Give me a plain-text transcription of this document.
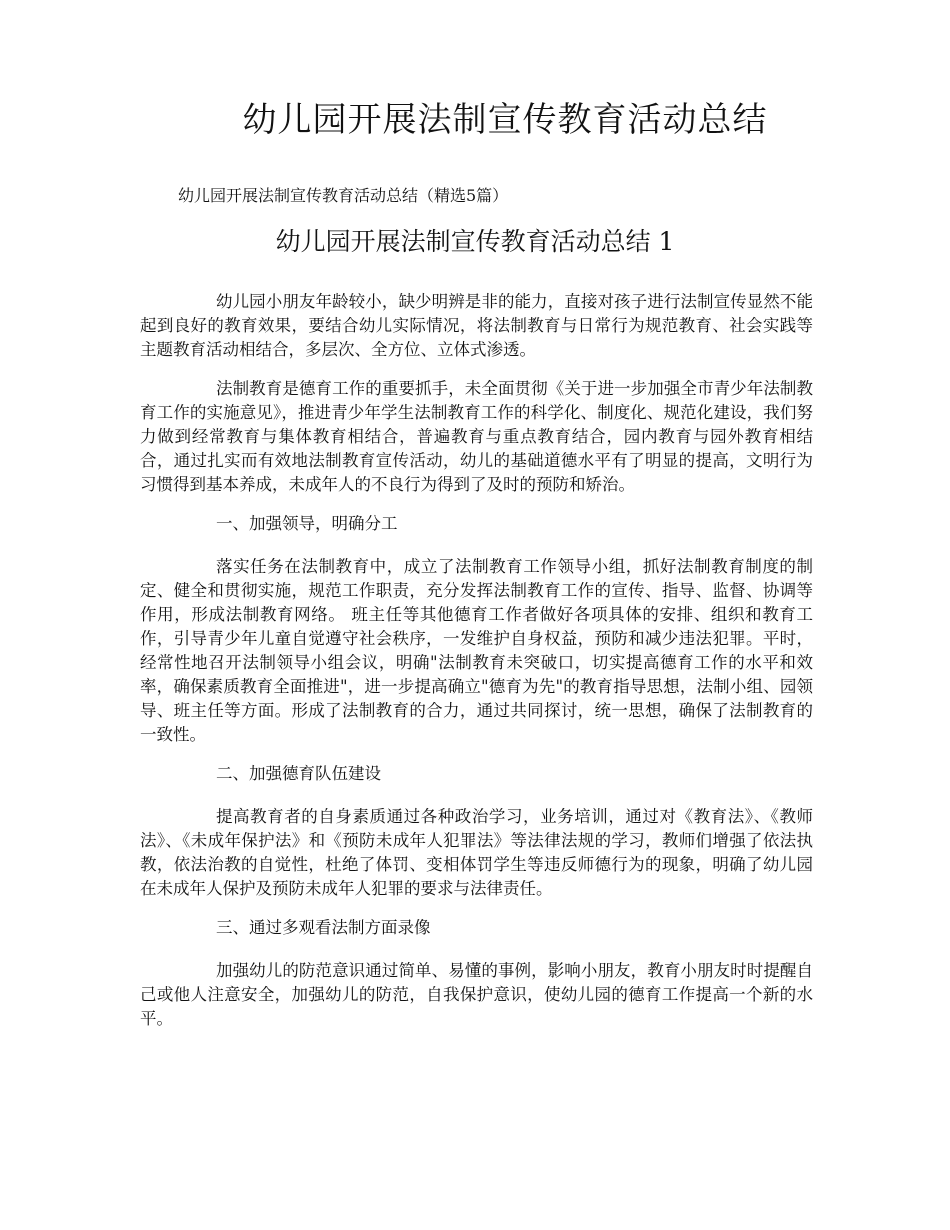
幼儿园开展法制宣传教育活动总结
幼儿园开展法制宣传教育活动总结（精选5篇）
幼儿园开展法制宣传教育活动总结 1

幼儿园小朋友年龄较小，缺少明辨是非的能力，直接对孩子进行法制宣传显然不能起到良好的教育效果，要结合幼儿实际情况，将法制教育与日常行为规范教育、社会实践等主题教育活动相结合，多层次、全方位、立体式渗透。

法制教育是德育工作的重要抓手，未全面贯彻《关于进一步加强全市青少年法制教育工作的实施意见》，推进青少年学生法制教育工作的科学化、制度化、规范化建设，我们努力做到经常教育与集体教育相结合，普遍教育与重点教育结合，园内教育与园外教育相结合，通过扎实而有效地法制教育宣传活动，幼儿的基础道德水平有了明显的提高，文明行为习惯得到基本养成，未成年人的不良行为得到了及时的预防和矫治。

一、加强领导，明确分工

落实任务在法制教育中，成立了法制教育工作领导小组，抓好法制教育制度的制定、健全和贯彻实施，规范工作职责，充分发挥法制教育工作的宣传、指导、监督、协调等作用，形成法制教育网络。 班主任等其他德育工作者做好各项具体的安排、组织和教育工作，引导青少年儿童自觉遵守社会秩序，一发维护自身权益，预防和减少违法犯罪。平时，经常性地召开法制领导小组会议，明确"法制教育未突破口，切实提高德育工作的水平和效率，确保素质教育全面推进"，进一步提高确立"德育为先"的教育指导思想，法制小组、园领导、班主任等方面。形成了法制教育的合力，通过共同探讨，统一思想，确保了法制教育的一致性。

二、加强德育队伍建设

提高教育者的自身素质通过各种政治学习，业务培训，通过对《教育法》、《教师法》、《未成年保护法》和《预防未成年人犯罪法》等法律法规的学习，教师们增强了依法执教，依法治教的自觉性，杜绝了体罚、变相体罚学生等违反师德行为的现象，明确了幼儿园在未成年人保护及预防未成年人犯罪的要求与法律责任。

三、通过多观看法制方面录像

加强幼儿的防范意识通过简单、易懂的事例，影响小朋友，教育小朋友时时提醒自己或他人注意安全，加强幼儿的防范，自我保护意识，使幼儿园的德育工作提高一个新的水平。
